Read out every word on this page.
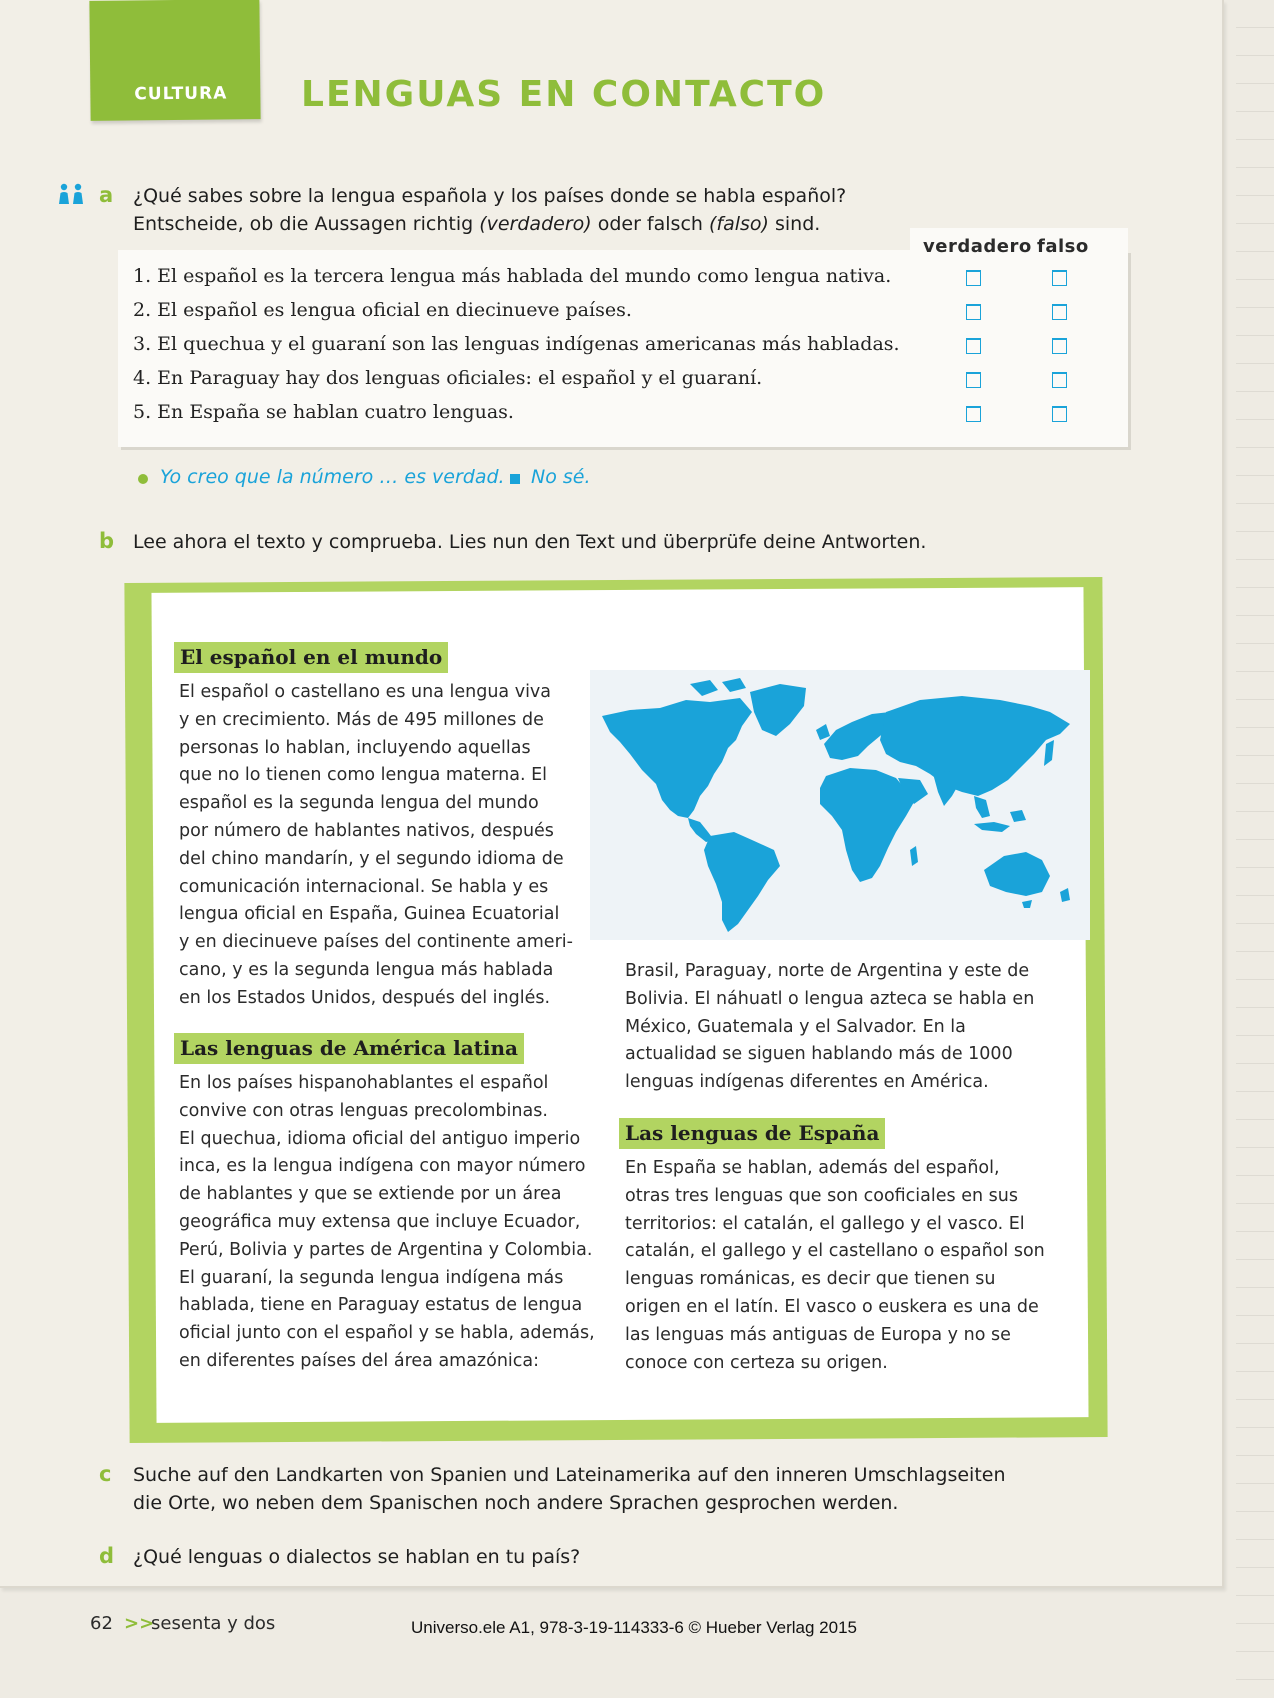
CULTURA LENGUAS EN CONTACTO
a ¿Qué sabes sobre la lengua española y los países donde se habla español?
Entscheide, ob die Aussagen richtig (verdadero) oder falsch (falso) sind.
verdadero falso
1. El español es la tercera lengua más hablada del mundo como lengua nativa.
2. El español es lengua oficial en diecinueve países.
3. El quechua y el guaraní son las lenguas indígenas americanas más habladas.
4. En Paraguay hay dos lenguas oficiales: el español y el guaraní.
5. En España se hablan cuatro lenguas.
Yo creo que la número … es verdad. No sé.
b Lee ahora el texto y comprueba. Lies nun den Text und überprüfe deine Antworten.
El español en el mundo
El español o castellano es una lengua viva
y en crecimiento. Más de 495 millones de
personas lo hablan, incluyendo aquellas
que no lo tienen como lengua materna. El
español es la segunda lengua del mundo
por número de hablantes nativos, después
del chino mandarín, y el segundo idioma de
comunicación internacional. Se habla y es
lengua oficial en España, Guinea Ecuatorial
y en diecinueve países del continente ameri-
cano, y es la segunda lengua más hablada
en los Estados Unidos, después del inglés.
Las lenguas de América latina
En los países hispanohablantes el español
convive con otras lenguas precolombinas.
El quechua, idioma oficial del antiguo imperio
inca, es la lengua indígena con mayor número
de hablantes y que se extiende por un área
geográfica muy extensa que incluye Ecuador,
Perú, Bolivia y partes de Argentina y Colombia.
El guaraní, la segunda lengua indígena más
hablada, tiene en Paraguay estatus de lengua
oficial junto con el español y se habla, además,
en diferentes países del área amazónica:
Brasil, Paraguay, norte de Argentina y este de
Bolivia. El náhuatl o lengua azteca se habla en
México, Guatemala y el Salvador. En la
actualidad se siguen hablando más de 1000
lenguas indígenas diferentes en América.
Las lenguas de España
En España se hablan, además del español,
otras tres lenguas que son cooficiales en sus
territorios: el catalán, el gallego y el vasco. El
catalán, el gallego y el castellano o español son
lenguas románicas, es decir que tienen su
origen en el latín. El vasco o euskera es una de
las lenguas más antiguas de Europa y no se
conoce con certeza su origen.
c Suche auf den Landkarten von Spanien und Lateinamerika auf den inneren Umschlagseiten
die Orte, wo neben dem Spanischen noch andere Sprachen gesprochen werden.
d ¿Qué lenguas o dialectos se hablan en tu país?
62 >>
sesenta y dos	Universo.ele A1, 978-3-19-114333-6 © Hueber Verlag 2015
